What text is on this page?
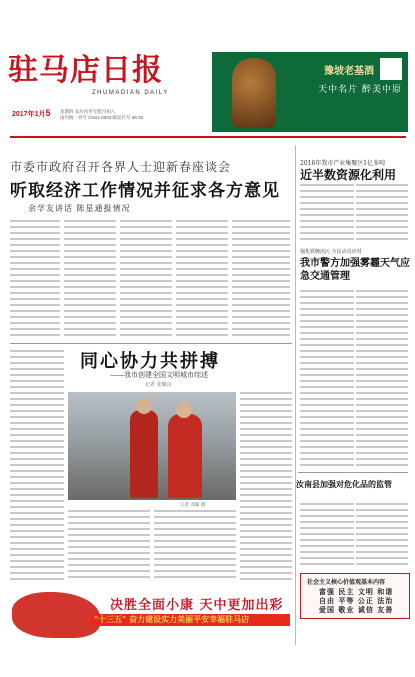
驻马店日报
ZHUMADIAN DAILY
2017年1月5 星期四 农历丙申年腊月初八
国内统一刊号 CN41-0003 邮发代号 35-32
豫坡老基酒
天中名片 醉美中原
市委市政府召开各界人士迎新春座谈会
听取经济工作情况并征求各方意见
余学友讲话 陈星通报情况
2016年我市产业集聚区1亿多吨
近半数资源化利用
强化铁腕治污 全民动员应对
我市警方加强雾霾天气应急交通管理
同心协力共拼搏
——我市创建全国文明城市综述
记者 张聚良
记者 邓颖 摄
汝南县加强对危化品的监管
社会主义核心价值观基本内容
富强 民主 文明 和谐
自由 平等 公正 法治
爱国 敬业 诚信 友善
决胜全面小康 天中更加出彩
"十三五" 奋力建设实力美丽平安幸福驻马店
